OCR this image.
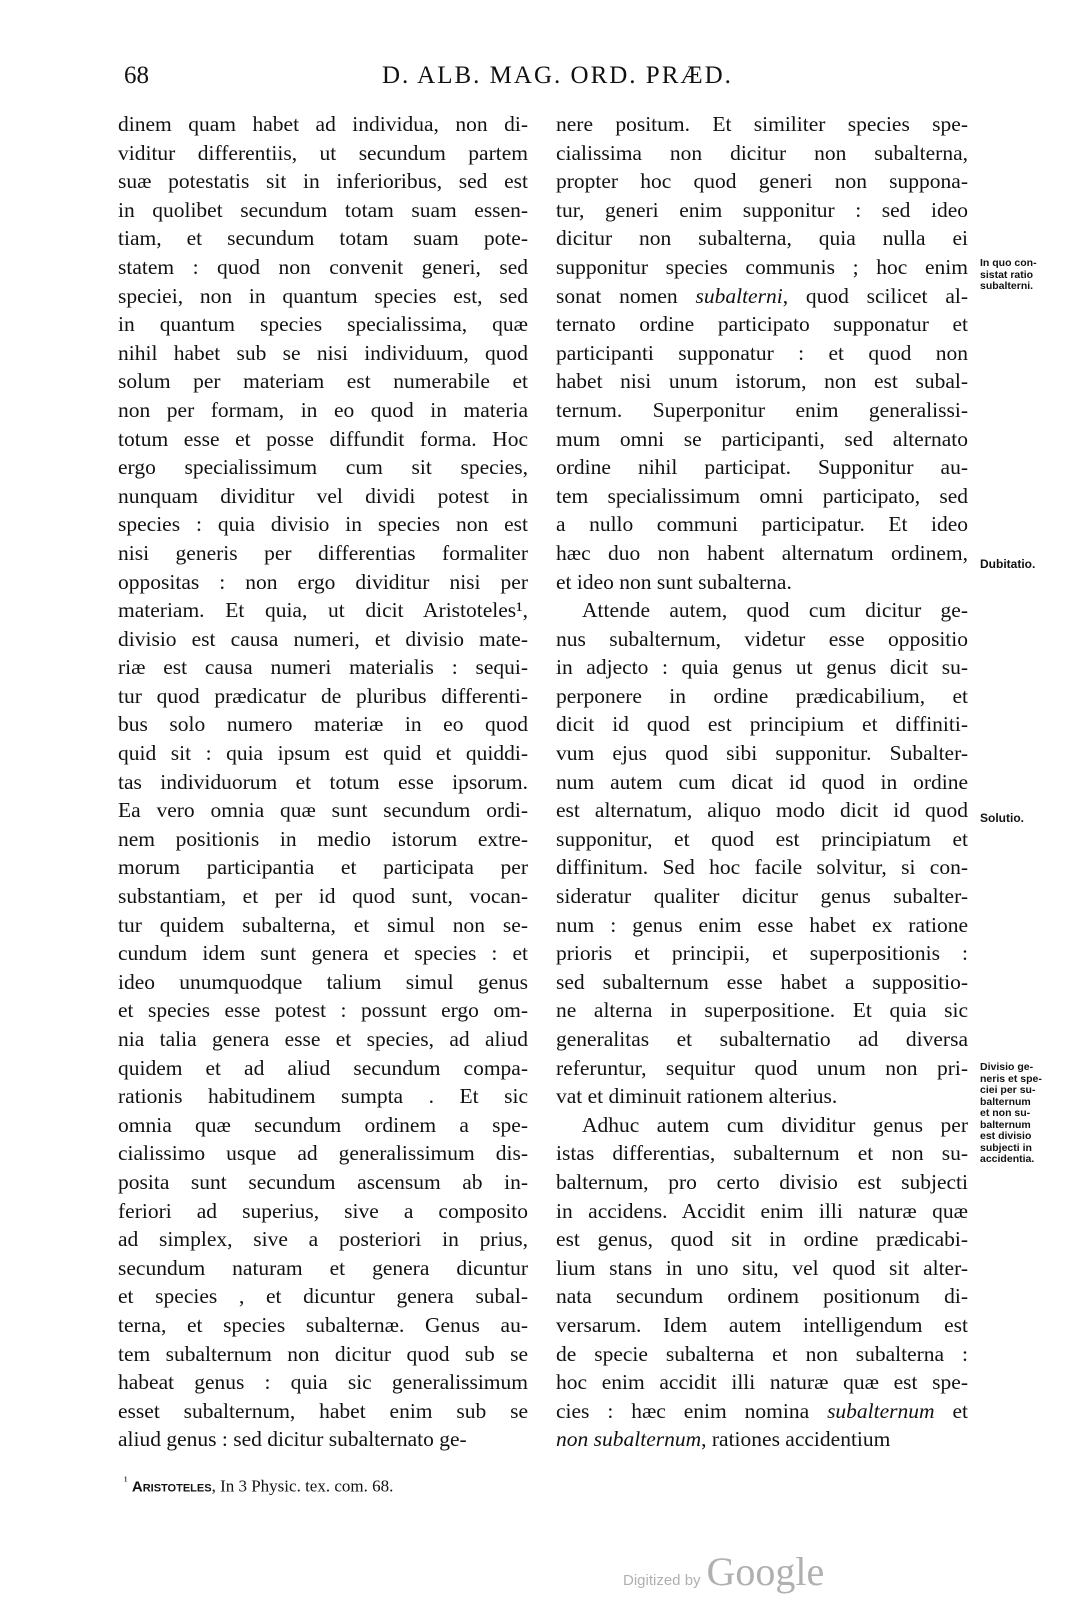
68	D. ALB. MAG. ORD. PRÆD.
dinem quam habet ad individua, non di-
viditur differentiis, ut secundum partem
suæ potestatis sit in inferioribus, sed est
in quolibet secundum totam suam essen-
tiam, et secundum totam suam pote-
statem : quod non convenit generi, sed
speciei, non in quantum species est, sed
in quantum species specialissima, quæ
nihil habet sub se nisi individuum, quod
solum per materiam est numerabile et
non per formam, in eo quod in materia
totum esse et posse diffundit forma. Hoc
ergo specialissimum cum sit species,
nunquam dividitur vel dividi potest in
species : quia divisio in species non est
nisi generis per differentias formaliter
oppositas : non ergo dividitur nisi per
materiam. Et quia, ut dicit Aristoteles¹,
divisio est causa numeri, et divisio mate-
riæ est causa numeri materialis : sequi-
tur quod prædicatur de pluribus differenti-
bus solo numero materiæ in eo quod
quid sit : quia ipsum est quid et quiddi-
tas individuorum et totum esse ipsorum.
Ea vero omnia quæ sunt secundum ordi-
nem positionis in medio istorum extre-
morum participantia et participata per
substantiam, et per id quod sunt, vocan-
tur quidem subalterna, et simul non se-
cundum idem sunt genera et species : et
ideo unumquodque talium simul genus
et species esse potest : possunt ergo om-
nia talia genera esse et species, ad aliud
quidem et ad aliud secundum compa-
rationis habitudinem sumpta . Et sic
omnia quæ secundum ordinem a spe-
cialissimo usque ad generalissimum dis-
posita sunt secundum ascensum ab in-
feriori ad superius, sive a composito
ad simplex, sive a posteriori in prius,
secundum naturam et genera dicuntur
et species , et dicuntur genera subal-
terna, et species subalternæ. Genus au-
tem subalternum non dicitur quod sub se
habeat genus : quia sic generalissimum
esset subalternum, habet enim sub se
aliud genus : sed dicitur subalternato ge-
nere positum. Et similiter species spe-
cialissima non dicitur non subalterna,
propter hoc quod generi non suppona-
tur, generi enim supponitur : sed ideo
dicitur non subalterna, quia nulla ei
supponitur species communis ; hoc enim
sonat nomen subalterni, quod scilicet al-
ternato ordine participato supponatur et
participanti supponatur : et quod non
habet nisi unum istorum, non est subal-
ternum. Superponitur enim generalissi-
mum omni se participanti, sed alternato
ordine nihil participat. Supponitur au-
tem specialissimum omni participato, sed
a nullo communi participatur. Et ideo
hæc duo non habent alternatum ordinem,
et ideo non sunt subalterna.
Attende autem, quod cum dicitur ge-
nus subalternum, videtur esse oppositio
in adjecto : quia genus ut genus dicit su-
perponere in ordine prædicabilium, et
dicit id quod est principium et diffiniti-
vum ejus quod sibi supponitur. Subalter-
num autem cum dicat id quod in ordine
est alternatum, aliquo modo dicit id quod
supponitur, et quod est principiatum et
diffinitum. Sed hoc facile solvitur, si con-
sideratur qualiter dicitur genus subalter-
num : genus enim esse habet ex ratione
prioris et principii, et superpositionis :
sed subalternum esse habet a suppositio-
ne alterna in superpositione. Et quia sic
generalitas et subalternatio ad diversa
referuntur, sequitur quod unum non pri-
vat et diminuit rationem alterius.
Adhuc autem cum dividitur genus per
istas differentias, subalternum et non su-
balternum, pro certo divisio est subjecti
in accidens. Accidit enim illi naturæ quæ
est genus, quod sit in ordine prædicabi-
lium stans in uno situ, vel quod sit alter-
nata secundum ordinem positionum di-
versarum. Idem autem intelligendum est
de specie subalterna et non subalterna :
hoc enim accidit illi naturæ quæ est spe-
cies : hæc enim nomina subalternum et
non subalternum, rationes accidentium
In quo con-
sistat ratio
subalterni.
Dubitatio.
Solutio.
Divisio ge-
neris et spe-
ciei per su-
balternum
et non su-
balternum
est divisio
subjecti in
accidentia.
$^{^1}$ Aristoteles, In 3 Physic. tex. com. 68.
Digitized by Google
